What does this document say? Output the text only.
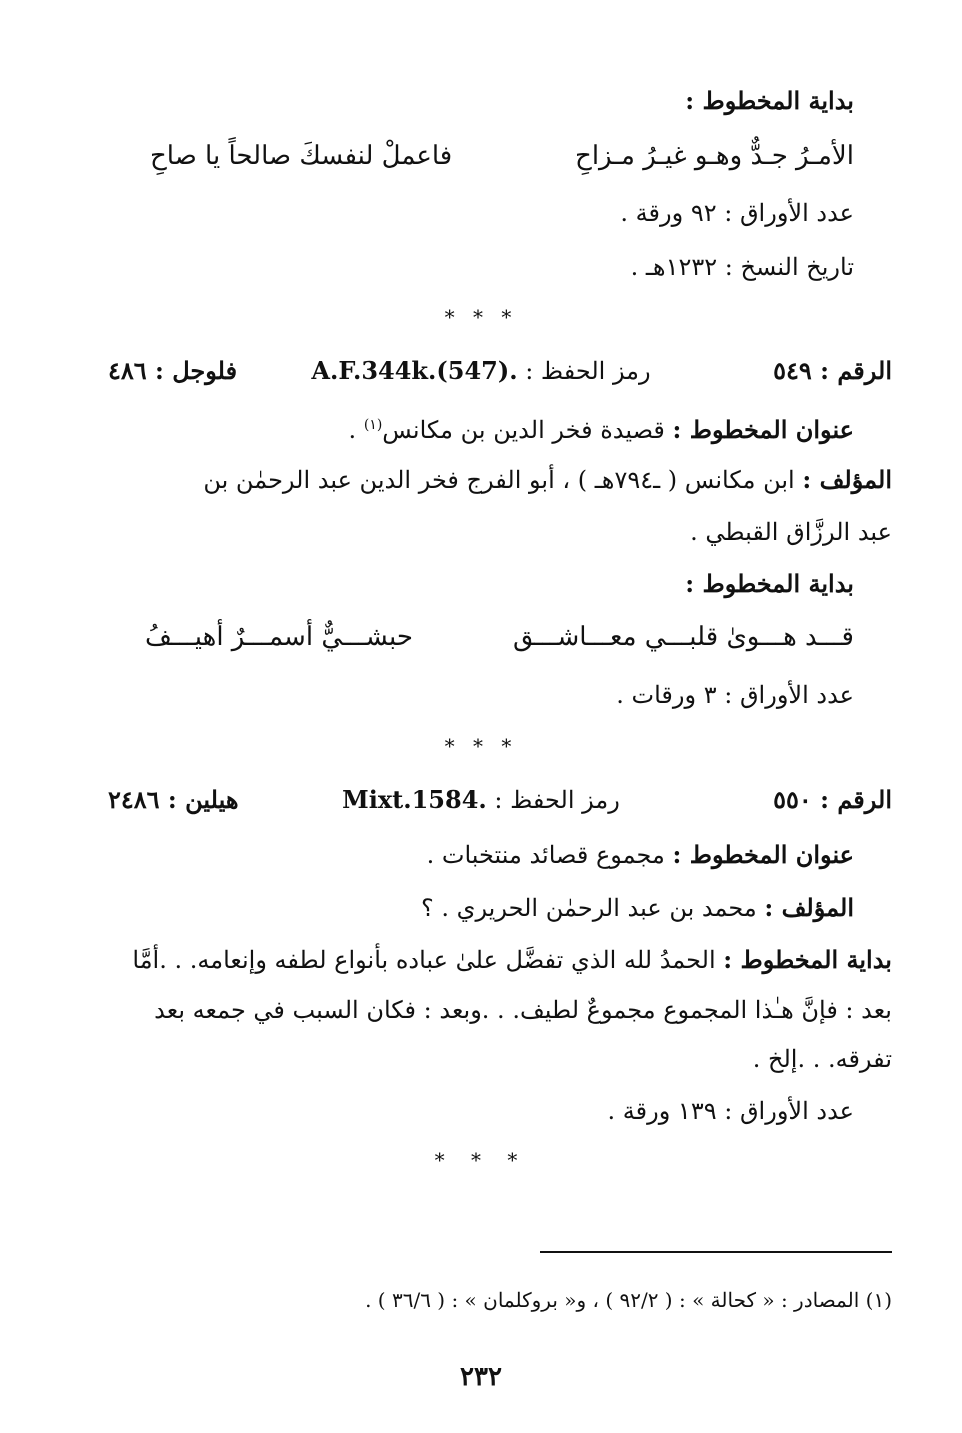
بداية المخطوط :
الأمـرُ جـدٌّ وهـو غيـرُ مـزاحِ
فاعملْ لنفسكَ صالحاً يا صاحِ
عدد الأوراق : ٩٢ ورقة .
تاريخ النسخ : ١٢٣٢هـ .
* * *
الرقم : ٥٤٩
رمز الحفظ : A.F.344k.(547).
فلوجل : ٤٨٦
عنوان المخطوط : قصيدة فخر الدين بن مكانس$^{(١)}$ .
المؤلف : ابن مكانس ( ـ٧٩٤هـ ) ، أبو الفرج فخر الدين عبد الرحمٰن بن
عبد الرزَّاق القبطي .
بداية المخطوط :
قـــد هـــوىٰ قلبـــي معـــاشـــق
حبشـــيٌّ أسمـــرٌ أهيـــفُ
عدد الأوراق : ٣ ورقات .
* * *
الرقم : ٥٥٠
رمز الحفظ : Mixt.1584.
هيلين : ٢٤٨٦
عنوان المخطوط : مجموع قصائد منتخبات .
المؤلف : محمد بن عبد الرحمٰن الحريري . ؟
بداية المخطوط : الحمدُ لله الذي تفضَّل علىٰ عباده بأنواع لطفه وإنعامه. . .أمَّا
بعد : فإنَّ هـٰذا المجموع مجموعٌ لطيف. . .وبعد : فكان السبب في جمعه بعد
تفرقه. . .إلخ .
عدد الأوراق : ١٣٩ ورقة .
* * *
(١) المصادر : « كحالة » : ( ٩٢/٢ ) ، و« بروكلمان » : ( ٣٦/٦ ) .
٢٣٢
